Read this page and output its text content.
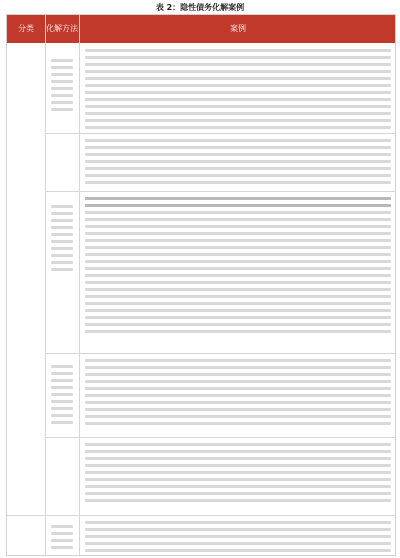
表 2：隐性债务化解案例
分类	化解方法	案例
